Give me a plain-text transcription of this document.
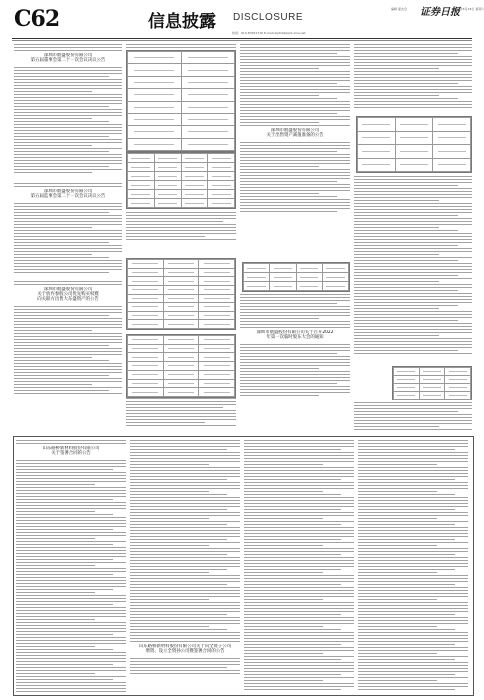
C62	信息披露 DISCLOSURE
编辑 夏友会 证券日报
2022年6月18日 星期六
热线：010-83251716 E-mail:zqrb9@zqrb.sina.net
深圳市航盛股份有限公司
第五届董事会第二十一次会议决议公告
深圳市航盛股份有限公司
第五届监事会第二十一次会议决议公告
深圳市航盛股份有限公司
关于放弃参股公司优先购买权暨
向关联方出售大东盛资产的公告

深圳市航盛股份有限公司
关于出售资产减值准备的公告

深圳市航盛股份有限公司关于召开2022
年第一次临时股东大会的通知

山东路桥新材料股份有限公司
关于签署合同的公告
山东路桥新材料股份有限公司关于向全资子公司
增资、设立全资孙公司暨签署合同的公告
